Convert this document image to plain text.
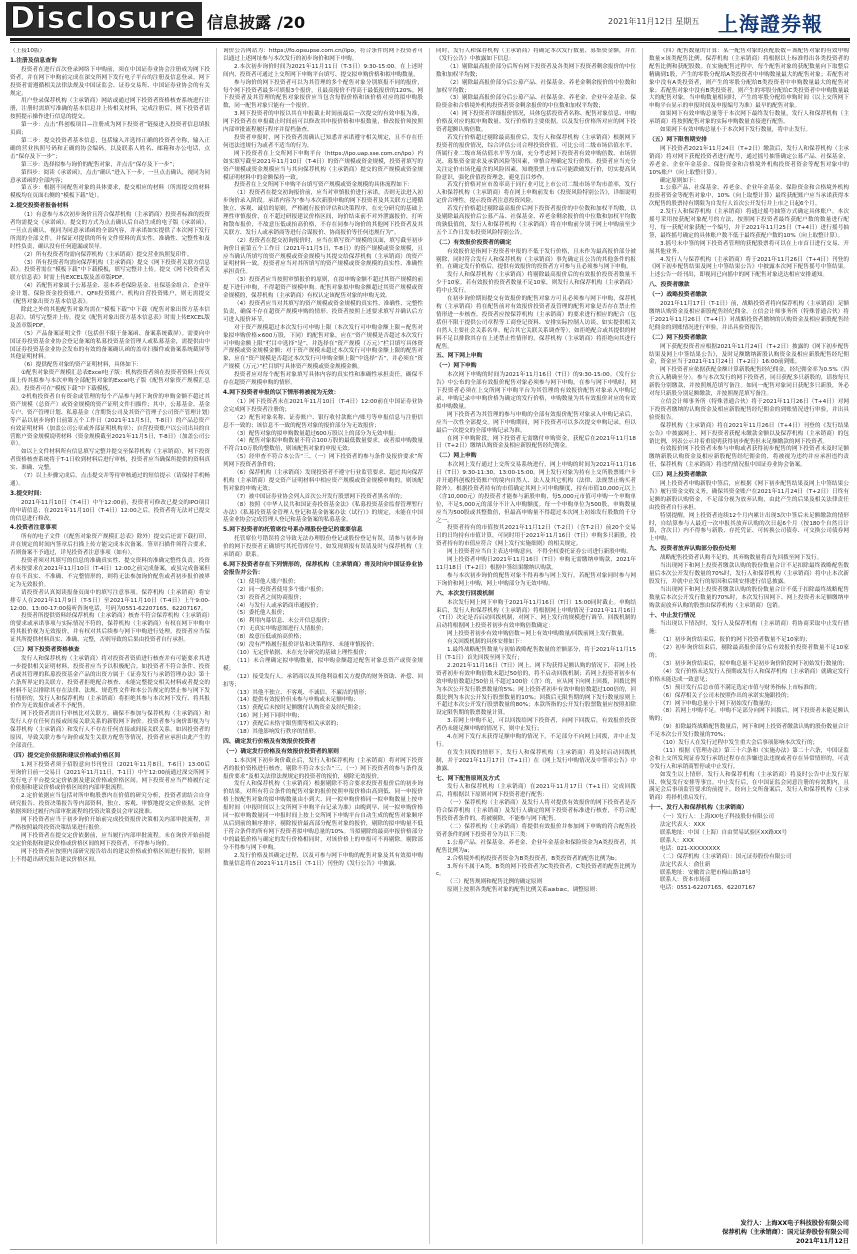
Disclosure 信息披露 /20	2021年11月12日 星期五 上海證券報

（上接10版）

1.注册及信息查询

投资者在进行首次登录网络下申购前，须在中国证券业协会注册成为网下投资者，并在网下申购前完成在深交所网下发行电子平台的注册及信息登录。网下投资者需遵循相关法律法规及中国证监会、证券交易所、中国证券业协会的有关规定。

用户登录保荐机构（主承销商）网站或通过网下投资者资格核查系统进行注册，注册时需填写准确的基本信息并上传相关材料，完成注册后，网下投资者请按照提示操作进行信息的提交。

第一步：点击“科创板项目—注册成为网下投资者”链接进入投资者信息填报页面；

第二步：提交投资者基本信息，包括输入并选择正确的投资者全称，输入正确的营业执照号码和正确的协会编码，以及联系人姓名、邮箱和办公电话，点击“保存及下一步”；

第三步：选择拟参与询价的配售对象，并点击“保存及下一步”；

第四步：阅读《承诺函》，点击“确认”进入下一步，一旦点击确认，视同为同意承诺函的全部内容；

第五步：根据不同配售对象的具体要求，提交相应的材料（所需提交的材料模板均在页面右侧的“模板下载”处）。

2.提交投资者报备材料

（1）有意参与本次初步询价且符合保荐机构（主承销商）投资者标准的投资者均需提交《承诺函》。提交的方式为点击确认后自动生成的电子版《承诺函》，一旦点击确认，视同为同意承诺函的全部内容，并承诺如实提供了本次网下发行所需的全部文件，并保证对提供的所有文件资料的真实性、准确性、完整性和及时性负责，确认没有任何遗漏或误导。

（2）所有投资者均需向保荐机构（主承销商）提交营业执照复印件。

（3）所有投资者均需向保荐机构（主承销商）提交《网下投资者关联方信息表》。投资者需在“模板下载”中下载模板，填写完整并上传。提交《网下投资者关联方信息表》时需上传EXCEL版及盖章版PDF。

（4）若配售对象属于公募基金、基本养老保险基金、社保基金组合、企业年金计划、保险资金投资账户、QFII投资账户、机构自营投资账户，则无需提交《配售对象出资方基本信息表》。

除此之外的其他配售对象均需在“模板下载”中下载《配售对象出资方基本信息表》，填写完整并上传。提交《配售对象出资方基本信息表》时需上传EXCEL版及盖章版PDF。

（5）产品备案证明文件（包括但不限于备案函、备案系统截屏）。需要向中国证券投资基金业协会登记备案的私募投资基金管理人或私募基金，需提供由中国证券投资基金业协会发布的有效的备案确认函的盖章扫描件或备案系统截屏等其他证明材料。

（6）提供配售对象的资产证明材料，具体如下：

①配售对象资产规模汇总表Excel电子版：机构投资者须在投资者资料上传页面上传其拟参与本次申购全部配售对象的Excel电子版《配售对象资产规模汇总表》。投资者可在“模板下载”中下载模板。

②机构投资者自有资金或管理的每个产品参与网下询价的申购金额不超过其资产规模（总资产）或资金规模的资产证明文件扫描件；其中，公募基金、基金专户、资产管理计划、私募基金（含期货公司及其资产管理子公司资产管理计划）等产品以初步询价日前第五个工作日（2021年11月5日，T-8日）的产品总资产有效证明材料（加盖公司公章或外部证明机构章）；自营投资账户以公司出具的自营账户资金规模说明材料（资金规模截至2021年11月5日，T-8日）（加盖公司公章）。

如以上文件材料所有信息填写完整并提交至保荐机构（主承销商），网下投资者资格核查系统将于T-1日收到材料后进行审核，投资者应当确保所提供的资料真实、准确、完整。

（7）以上步骤完成后，点击提交并等待审核通过的短信提示（请保持手机畅通）。

3.提交时间：

2021年11月10日（T-4日）中午12:00前，投资者可修改已提交的IPO项目的申请信息；在2021年11月10日（T-4日）12:00之后，投资者将无法对已提交的信息进行修改。

4.投资者注意事项

所有的电子文件（《配售对象资产规模汇总表》除外）提交后还需下载打印，并在规定的时间内签章后扫描上传方能完成本次备案。签章扫描件须符合要求，否则备案不予通过，详见投资者注意事项（如有）。

投资者须对其填写的信息的准确真实性、提交资料的准确完整性负责。投资者未按要求在2021年11月10日（T-4日）12:00之前完成备案，或虽完成备案但存在不真实、不准确、不完整情形的，则将无法参加询价配售或者初步报价被界定为无效报价。

请投资者认真阅读报备页面中的填写注意事项。保荐机构（主承销商）将安排专人在2021年11月9日（T-5日）至2021年11月10日（T-4日）上午9:00-12:00、13:00-17:00接听咨询电话，号码为0551-62207165、62207167。

投资者所提供资料经保荐机构（主承销商）核查不符合保荐机构（主承销商）的要求或承诺事项与实际情况不符的，保荐机构（主承销商）有权在网下申购中将其报价视为无效报价，并有权对其后续参与网下申购进行处理。投资者应当保证其所提供材料真实、准确、完整，否则导致的后果由投资者自行承担。

（三）网下投资者资格核查

发行人和保荐机构（主承销商）将对投资者资质进行核查并有可能要求其进一步提供相关证明材料，投资者应当予以积极配合。如投资者不符合条件、投资者或其管理的私募投资基金产品的出资方属于《证券发行与承销管理办法》第十六条所界定的关联方、投资者拒绝配合核查、未能完整提交相关材料或者提交的材料不足以排除其存在法律、法规、规范性文件和本公告规定的禁止参与网下发行情形的，发行人和保荐机构（主承销商）将拒绝其参与本次网下发行、将其报价作为无效报价或者不予配售。

网下投资者需自行审核比对关联方，确保不参加与保荐机构（主承销商）和发行人存在任何直接或间接关联关系的新股网下询价。投资者参与询价即视为与保荐机构（主承销商）和发行人不存在任何直接或间接关联关系。如因投资者的原因，导致关联方参与询价或发生关联方配售等情况，投资者应承担由此产生的全部责任。

（四）提交定价依据和建议价格或价格区间

1.网下投资者须于招股意向书刊登日（2021年11月8日，T-6日）13:00后至询价日前一交易日（2021年11月11日，T-1日）中午12:00前通过深交所网下发行电子平台提交定价依据及建议价格或价格区间。网下投资者应当严格履行定价依据和建议价格或价格区间的内部审批流程。

2.定价依据应当包括对所申购股票内在价值的研究分析，投资者需结合自身研究报告、投资决策报告等内部资料，独立、客观、审慎地提交定价依据，定价依据须经过履行内部审批流程的投资决策委员会审议批准。

网下投资者应当于初步询价开始前完成投资报价决策相关内部审批流程，并严格按照最终投资决策结果进行报价。

网下投资者在提交定价依据前，应当履行内部审批流程。未在询价开始前提交定价依据和建议价格或价格区间的网下投资者，不得参与询价。

网下投资者应按照内部研究报告给出的建议价格或价格区间进行报价，原则上不得超出研究报告建议价格区间。

询价公告网站为：https://fo.opsupse.com.cn//ipo，符合条件的网下投资者可以通过上述网址参与本次发行的初步询价和网下申购。

2.本次初步询价时间为2021年11月11日（T-3日）9:30-15:00。在上述时间内，投资者可通过上交所网下申购平台填写、提交拟申购价格和拟申购数量。

参与询价的网下投资者可以为其管理的多个配售对象分别填报不同的报价，每个网下投资者最多可填报3个报价，且最高报价不得高于最低报价的120%。网下投资者及其管理的配售对象报价应当包含每股价格和该价格对应的拟申购股数，同一配售对象只能有一个报价。

3.网下投资者的申报以其在申报截止时间前最后一次提交的有效申报为准，网下投资者在申报截止时间前可以修改其申报价格和申报数量，修改报价须按照内部审批流程履行程序并留档备查。

投资者申报时，网下投资者需确认已知悉并承诺遵守相关规定，且不存在任何违法违规行为或者不适当的行为。

网下投资者在上交所网下申购平台（https://ipo.uap.sse.com.cn/ipo）内如实填写截至2021年11月10日（T-4日）的资产规模或资金规模，投资者填写的资产规模或资金规模应当与其向保荐机构（主承销商）提交的资产规模或资金规模证明材料中的金额保持一致。

投资者在上交所网下申购平台填写资产规模或资金规模的具体流程如下：

（1）投资者在提交初询报价前，应当对审慎报价进行承诺，否则无法进入初步询价录入阶段。承诺内容为“参与本次新股申购的网下投资者及其关联方已遵循独立、客观、诚信的原则，严格履行报价评估和决策程序，在充分研究的基础上理性审慎报价，在不超过研报建议价格区间，询价结束前不对外泄露报价，打听和散布报价，不故意压低或抬高价格，不存在同参与询价的其他网下投资者及其关联方、发行人或承销商等进行合谋报价、协商报价等任何违规行为”。

（2）投资者在提交初询报价时，应当在填写资产规模的页面，填写截至初步询价日前第五个工作日（2021年11月5日，T-8日）的资产规模或资金规模，且应当确认所填写的资产规模或资金规模与其提交给保荐机构（主承销商）的资产证明材料一致。投资者应当对其所填写的资产规模或资金规模的真实性、准确性承担责任。

（3）投资者应当按照审慎报价的原则，在拟申购金额不超过其资产规模的前提下进行申购，不得超资产规模申购。配售对象拟申购金额超过其资产规模或资金规模的，保荐机构（主承销商）有权认定该配售对象的申购无效。

（4）投资者应当对其填写的资产规模或资金规模的真实性、准确性、完整性负责，确保不存在超资产规模申购的情形。投资者按照上述要求填写并确认后方可进入报价环节。

对于资产规模超过本次发行可申购上限（本次发行可申购金额上限＝配售对象拟申购价格×600万股，下同）的配售对象，应在“资产规模是否超过本次发行可申购金额上限”栏目中选择“是”，并选择在“资产规模（万元）”栏目填写具体资产规模或资金规模金额；对于资产规模未超过本次发行可申购金额上限的配售对象，应在“资产规模是否超过本次发行可申购金额上限”中选择“否”，并必须在“资产规模（万元）”栏目填写具体资产规模或资金规模金额。

投资者应对每个配售对象填写具体内容的真实性和准确性承担责任，确保不存在超资产规模申购的情形。

4.网下投资者申报的以下情形将被视为无效：

（1）网下投资者未在2021年11月10日（T-4日）12:00前在中国证券业协会完成网下投资者注册的；

（2）配售对象名称、证券账户、银行收付款账户/账号等申报信息与注册信息不一致的；该信息不一致的配售对象的报价部分为无效报价；

（3）配售对象的拟申购数量超过600万股以上的部分为无效申报；

（4）配售对象拟申购数量不符合100万股的最低数量要求，或者拟申购数量不符合10万股的整数倍，则该配售对象的申报无效；

（5）经审查不符合本公告“三、（一）网下投资者的参与条件及报价要求”所列网下投资者条件的；

（6）保荐机构（主承销商）发现投资者不遵守行业监管要求、超过其向保荐机构（主承销商）提交资产证明材料中相应资产规模或资金规模申购的，则该配售对象的申购无效；

（7）被中国证券业协会列入首次公开发行股票网下投资者黑名单的；

（8）按照《中华人民共和国证券投资基金法》《私募投资基金监督管理暂行办法》《私募投资基金管理人登记和基金备案办法（试行）》的规定，未能在中国基金业协会完成管理人登记和基金备案的私募基金。

5.网下投资者的托管席位号系办理股份登记的重要信息

托管席位号错误将会导致无法办理股份登记或股份登记有误，请参与初步询价的网下投资者正确填写其托管席位号，如发现填报有误请及时与保荐机构（主承销商）联系。

6.网下投资者存在下列情形的，保荐机构（主承销商）将及时向中国证券业协会报告并公告：

（1）使用他人账户报价；

（2）同一投资者使用多个账户报价；

（3）投资者之间协商报价；

（4）与发行人或承销商串通报价；

（5）委托他人报价；

（6）利用内幕信息、未公开信息报价；

（7）无真实申购意图进行人情报价；

（8）故意压低或抬高价格；

（9）没有严格履行报价评估和决策程序、未能审慎报价；

（10）无定价依据、未在充分研究的基础上理性报价；

（11）未合理确定拟申购数量，拟申购金额超过配售对象总资产或资金规模；

（12）接受发行人、承销商以及其他利益相关方提供的财务资助、补偿、回扣等；

（13）其他不独立、不客观、不诚信、不廉洁的情形；

（14）提供有效报价但未参与申购或未足额申购；

（15）获配后未按时足额缴付认购资金及经纪佣金；

（16）网上网下同时申购；

（17）获配后未恪守限售期等相关承诺的；

（18）其他影响发行秩序的情形。

四、确定发行价格及有效报价投资者

（一）确定发行价格及有效报价投资者的原则

1.本次网下初步询价截止后，发行人和保荐机构（主承销商）将对网下投资者的报价资格进行核查，剔除不符合本公告“三、（一）网下投资者的参与条件及报价要求”及相关法律法规规定的投资者的报价，剔除无效报价。

发行人和保荐机构（主承销商）根据剔除不符合要求投资者报价后的初步询价结果，对所有符合条件的配售对象的报价按照申报价格由高到低、同一申报价格上按配售对象的拟申购数量由小到大、同一拟申购价格同一拟申购数量上按申报时间（申报时间以上交所网下申购平台记录为准）由晚到早、同一拟申购价格同一拟申购数量同一申报时间上按上交所网下申购平台自动生成的配售对象顺序从后到前的顺序排序，剔除报价最高部分配售对象的报价，剔除的拟申购量不低于符合条件的所有网下投资者拟申购总量的10%。当拟剔除的最高申报价格部分中的最低价格与确定的发行价格相同时，对该价格上的申报可不再剔除。剔除部分不得参与网下申购。

2.发行价格及其确定过程，以及可参与网下申购的配售对象及其有效拟申购数量信息将在2021年11月15日（T-1日）刊登的《发行公告》中披露。

同时，发行人和保荐机构（主承销商）将确定本次发行数量、募集资金额，并在《发行公告》中披露如下信息：

（1）剔除最高报价部分后所有网下投资者及各类网下投资者剩余报价的中位数和加权平均数；

（2）剔除最高报价部分后公募产品、社保基金、养老金剩余报价的中位数和加权平均数；

（3）剔除最高报价部分后公募产品、社保基金、养老金、企业年金基金、保险资金和合格境外机构投资者资金剩余报价的中位数和加权平均数；

（4）网下投资者详细报价情况，具体包括投资者名称、配售对象信息、申购价格及对应的拟申购数量、发行价格的主要依据，以及发行价格所对应的网下投资者超额认购倍数。

若发行价格超过剔除最高报价后，发行人和保荐机构（主承销商）根据网下投资者的报价情况，综合评估公司合理投资价值、可比公司二级市场估值水平、所属行业二级市场估值水平等方面，充分考虑网下投资者有效申购倍数、市场情况、募集资金需求及承销风险等因素，审慎合理确定发行价格。投资者应当充分关注定价市场化蕴含的风险因素，知晓股票上市后可能跌破发行价，切实提高风险意识，强化价值投资理念，避免盲目炒作。

若发行价格对应市盈率高于同行业可比上市公司二级市场平均市盈率，发行人和保荐机构（主承销商）将在网上申购前发布《投资风险特别公告》，详细说明定价合理性，提示投资者注意投资风险。

若发行价格超过剔除最高报价后网下投资者报价的中位数和加权平均数，以及剔除最高报价后公募产品、社保基金、养老金剩余报价的中位数和加权平均数的孰低值的，发行人和保荐机构（主承销商）将在申购前分别于网上申购前至少五个工作日发布投资风险特别公告。

（二）有效报价投资者的确定

有效报价是指网下投资者申报的不低于发行价格，且未作为最高报价部分被剔除，同时符合发行人和保荐机构（主承销商）事先确定且公告的其他条件的报价。在确定发行价格后，提供有效报价的投资者方可参与且必须参与网下申购。

发行人和保荐机构（主承销商）将剔除最高报价后的有效报价投资者数量不少于10家。若有效报价投资者数量不足10家，则发行人和保荐机构（主承销商）将中止发行。

在初步询价期间提交有效报价的配售对象方可且必须参与网下申购，保荐机构（主承销商）将在配售前对有效报价投资者及管理的配售对象是否存在禁止性情形进一步核查，投资者应按保荐机构（主承销商）的要求进行相应的配合（包括但不限于提供公司章程等工商登记资料、安排实际控制人访谈、如实提供相关自然人主要社会关系名单、配合其它关联关系调查等），如拒绝配合或其提供的材料不足以排除其存在上述禁止性情形的，保荐机构（主承销商）将拒绝向其进行配售。

五、网下网上申购

（一）网下申购

本次网下申购的时间为2021年11月16日（T日）的9:30-15:00。《发行公告》中公布的全部有效报价配售对象必须参与网下申购。在参与网下申购时，网下投资者必须在上交所网下申购平台为其管理的有效报价配售对象录入申购记录。申购记录中申购价格为确定的发行价格，申购数量为其有效报价对应的有效拟申购数量。

网下投资者为其管理的参与申购的全部有效报价配售对象录入申购记录后，应当一次性全部提交。网下申购期间，网下投资者可以多次提交申购记录，但以最后一次提交的全部申购记录为准。

在网下申购阶段，网下投资者无需缴付申购资金，获配后在2021年11月18日（T+2日）缴纳认购资金及相应新股配售经纪佣金。

（二）网上申购

本次网上发行通过上交所交易系统进行，网上申购的时间为2021年11月16日（T日）9:30-11:30、13:00-15:00。网上发行对象为持有上交所股票账户卡并开通科创板投资账户的境内自然人、法人及其它机构（法律、法规禁止购买者除外）。根据投资者持有的市值确定其网上可申购额度，持有市值10,000元以上（含10,000元）的投资者才能参与新股申购，每5,000元市值可申购一个申购单位，不足5,000元的部分不计入申购额度。每一个申购单位为500股，申购数量应当为500股或其整数倍，但最高申购量不得超过本次网上初始发行股数的千分之一。

投资者持有的市值按其2021年11月12日（T-2日）（含T-2日）前20个交易日的日均持有市值计算，可同时用于2021年11月16日（T日）申购多只新股。投资者持有的市值应符合《网上发行实施细则》的相关规定。

网上投资者应当自主表达申购意向，不得全权委托证券公司进行新股申购。

网上投资者申购日2021年11月16日（T日）申购无需缴纳申购款，2021年11月18日（T+2日）根据中签结果缴纳认购款。

参与本次初步询价的配售对象不得再参与网上发行，若配售对象同时参与网下询价和网上申购，网上申购部分为无效申购。

六、本次发行回拨机制

本次发行网上网下申购于2021年11月16日（T日）15:00同时截止。申购结束后，发行人和保荐机构（主承销商）将根据网上申购情况于2021年11月16日（T日）决定是否启动回拨机制，对网下、网上发行的规模进行调节。回拨机制的启动将根据网上投资者初步有效申购倍数确定：

网上投资者初步有效申购倍数＝网上有效申购数量/回拨前网上发行数量。

有关回拨机制的具体安排如下：

1.最终战略配售数量与初始战略配售数量的差额部分，将于2021年11月15日（T-1日）首先回拨至网下发行；

2.2021年11月16日（T日）网上、网下均获得足额认购的情况下，若网上投资者初步有效申购倍数未超过50倍的，将不启动回拨机制；若网上投资者初步有效申购倍数超过50倍且不超过100倍（含）的，应从网下向网上回拨，回拨比例为本次公开发行股票数量的5%；网上投资者初步有效申购倍数超过100倍的，回拨比例为本次公开发行股票数量的10%；回拨后无限售期的网下发行数量原则上不超过本次公开发行股票数量的80%；本款所指的公开发行股票数量应按照扣除设定限售期的股票数量计算。

3.若网上申购不足，可以回拨给网下投资者，向网下回拨后，有效报价投资者仍未能足额申购的情况下，则中止发行；

4.在网下发行未获得足额申购的情况下，不足部分不向网上回拨，并中止发行。

在发生回拨的情形下，发行人和保荐机构（主承销商）将及时启动回拨机制，并于2021年11月17日（T+1日）在《网上发行申购情况及中签率公告》中披露。

七、网下配售原则及方式

发行人和保荐机构（主承销商）在2021年11月17日（T+1日）完成回拨后，将根据以下原则对网下投资者进行配售：

（一）保荐机构（主承销商）及发行人将对提供有效报价的网下投资者是否符合保荐机构（主承销商）及发行人确定的网下投资者标准进行核查，不符合配售投资者条件的，将被剔除，不能参与网下配售。

（二）保荐机构（主承销商）将提供有效报价并参加网下申购的符合配售投资者条件的网下投资者分为以下三类：

1.公募产品、社保基金、养老金、企业年金基金和保险资金为A类投资者，其配售比例为a；

2.合格境外机构投资者资金为B类投资者，B类投资者的配售比例为b；

3.所有不属于A类、B类的网下投资者为C类投资者，C类投资者的配售比例为c。

（三）配售规则和配售比例的确定原则

原则上按照各类配售对象的配售比例关系a≥b≥c，调整原则：

（四）配售数量的计算：某一配售对象的获配股数＝该配售对象的有效申购数量×该类配售比例。保荐机构（主承销商）将根据以上标准得出各类投资者的配售比例和获配股数。在实施配售过程中，每个配售对象的获配数量向下取整后精确到1股，产生的零股分配给A类投资者中申购数量最大的配售对象；若配售对象中没有A类投资者，则产生的零股分配给B类投资者中申购数量最大的配售对象；若配售对象中没有B类投资者，则产生的零股分配给C类投资者中申购数量最大的配售对象。当申购数量相同时，产生的零股分配给申购时间（以上交所网下申购平台显示的申报时间及申报编号为准）最早的配售对象。

如果网下有效申购总量等于本次网下最终发行数量，发行人和保荐机构（主承销商）将按照配售对象的实际申购数量直接进行配售。

如果网下有效申购总量小于本次网下发行数量，将中止发行。

（五）网下限售期安排

网下投资者2021年11月24日（T+2日）缴款后，发行人和保荐机构（主承销商）将对网下获配投资者进行配号，通过摇号抽签确定公募产品、社保基金、养老金、企业年金基金、保险资金和合格境外机构投资者资金等配售对象中的10%账户（向上取整计算）。

确定原则如下：

1.公募产品、社保基金、养老金、企业年金基金、保险资金和合格境外机构投资者资金等配售对象中，10%（向上取整计算）最终获配账户应当承诺获得本次配售的股票持有期限为自发行人首次公开发行并上市之日起6个月。

2.发行人和保荐机构（主承销商）将通过摇号抽签方式确定具体账户。本次摇号采用按获配对象配号的方法，按照网下投资者最终获配户数的数量进行配号，每一获配对象获配一个编号，并于2021年11月25日（T+4日）进行摇号抽签，最终摇号确定的具体账户数不低于最终获配户数的10%（向上取整计算）。

3.摇号未中签的网下投资者管理的获配股票将可以在上市首日进行交易、开展其他业务。

4.发行人与保荐机构（主承销商）将于2021年11月26日（T+4日）刊登的《网下初步配售结果及网上中签结果公告》中披露本次网下配售摇号中签结果。上述公告一经刊出，即视同已向摇中的网下配售对象送达相应安排通知。

八、投资者缴款

（一）战略投资者缴款

2021年11月17日（T-1日）前，战略投资者将向保荐机构（主承销商）足额缴纳认购资金及相应新股配售经纪佣金。立信会计师事务所（特殊普通合伙）将于2021年11月26日（T+4日）对战略投资者缴纳的认购资金及相应新股配售经纪佣金的到账情况进行审验，并出具验资报告。

（二）网下投资者缴款

网下获配投资者应根据2021年11月24日（T+2日）披露的《网下初步配售结果及网上中签结果公告》，及时足额缴纳新股认购资金及相应新股配售经纪佣金，资金应当于2021年11月24日（T+2日）16:00前到账。

网下投资者应依据获配金额计算新股配售经纪佣金，经纪佣金率为0.5%（四舍五入精确至分）。参与本次发行的网下投资者，同日获配多只新股的，请按每只新股分别缴款，并按照规范填写备注。如同一配售对象同日获配多只新股，务必对每只新股分别足额缴款，并按照规范填写备注。

立信会计师事务所（特殊普通合伙）将于2021年11月26日（T+4日）对网下投资者缴纳的认购资金及相应新股配售经纪佣金的到账情况进行审验，并出具验资报告。

保荐机构（主承销商）将在2021年11月26日（T+4日）刊登的《发行结果公告》中披露网上、网下投资者获配未缴款金额以及保荐机构（主承销商）的包销比例，列表公示并着重说明获得初步配售但未足额缴款的网下投资者。

有效报价网下投资者未参与申购或者获得初步配售的网下投资者未及时足额缴纳新股认购资金及相应新股配售经纪佣金的，将被视为违约并应承担违约责任，保荐机构（主承销商）将违约情况报中国证券业协会备案。

（三）网上投资者缴款

网上投资者申购新股中签后，应根据《网下初步配售结果及网上中签结果公告》履行资金交收义务，确保其资金账户在2021年11月24日（T+2日）日终有足额的新股认购资金，不足部分视为放弃认购，由此产生的后果及相关法律责任由投资者自行承担。

特别提醒，网上投资者连续12个月内累计出现3次中签后未足额缴款的情形时，自结算参与人最近一次申报其放弃认购的次日起6个月（按180个自然日计算，含次日）内不得参与新股、存托凭证、可转换公司债券、可交换公司债券网上申购。

九、投资者放弃认购部分股份处理

战略配售投资者认购不足的，其弃购数量将首先回拨至网下发行。

当出现网下和网上投资者缴款认购的股份数量合计不足扣除最终战略配售数量后本次公开发行数量的70%时，发行人和保荐机构（主承销商）将中止本次新股发行，并就中止发行的原因和后续安排进行信息披露。

当出现网下和网上投资者缴款认购的股份数量合计不低于扣除最终战略配售数量后本次公开发行数量的70%时，本次发行因网下、网上投资者未足额缴纳申购款而放弃认购的股票由保荐机构（主承销商）包销。

十、中止发行情况

当出现以下情况时，发行人及保荐机构（主承销商）将协商采取中止发行措施：

（1）初步询价结束后，报价的网下投资者数量不足10家的；

（2）初步询价结束后，剔除最高报价部分后有效报价投资者数量不足10家的；

（3）初步询价结束后，拟申购总量不足初步询价阶段网下初始发行数量的；

（4）发行价格未达发行人预期或发行人和保荐机构（主承销商）就确定发行价格未能达成一致意见；

（5）预计发行后总市值不满足选定市值与财务指标上市标准的；

（6）保荐相关子公司未按照作出的承诺实施跟投的；

（7）网下申购总量小于网下初始发行数量的；

（8）若网上申购不足，申购不足部分向网下回拨后，网下投资者未能足额认购的；

（9）扣除最终战略配售数量后，网下和网上投资者缴款认购的股份数量合计不足本次公开发行数量的70%；

（10）发行人在发行过程中发生重大会后事项影响本次发行的；

（11）根据《管理办法》第三十六条和《实施办法》第二十六条，中国证监会和上交所发现证券发行承销过程存在涉嫌违法违规或者存在异常情形的，可责令发行人和承销商暂停或中止发行。

如发生以上情形，发行人和保荐机构（主承销商）将及时公告中止发行原因、恢复发行安排等事宜。中止发行后，在中国证监会同意注册的有效期内，且满足会后事项监管要求的前提下，经向上交所备案后，发行人和保荐机构（主承销商）将择机重启发行。

十一、发行人和保荐机构（主承销商）

（一）发行人：上海XX电子科技股份有限公司

法定代表人：XXX

联系地址：中国（上海）自由贸易试验区XX路XX号

联系人：XXX

电话：021-XXXXXXXX

（二）保荐机构（主承销商）：国元证券股份有限公司

法定代表人：俞仕新

联系地址：安徽省合肥市梅山路18号

联系人：资本市场部

电话：0551-62207165、62207167

发行人：上海XX电子科技股份有限公司
保荐机构（主承销商）：国元证券股份有限公司
2021年11月12日
